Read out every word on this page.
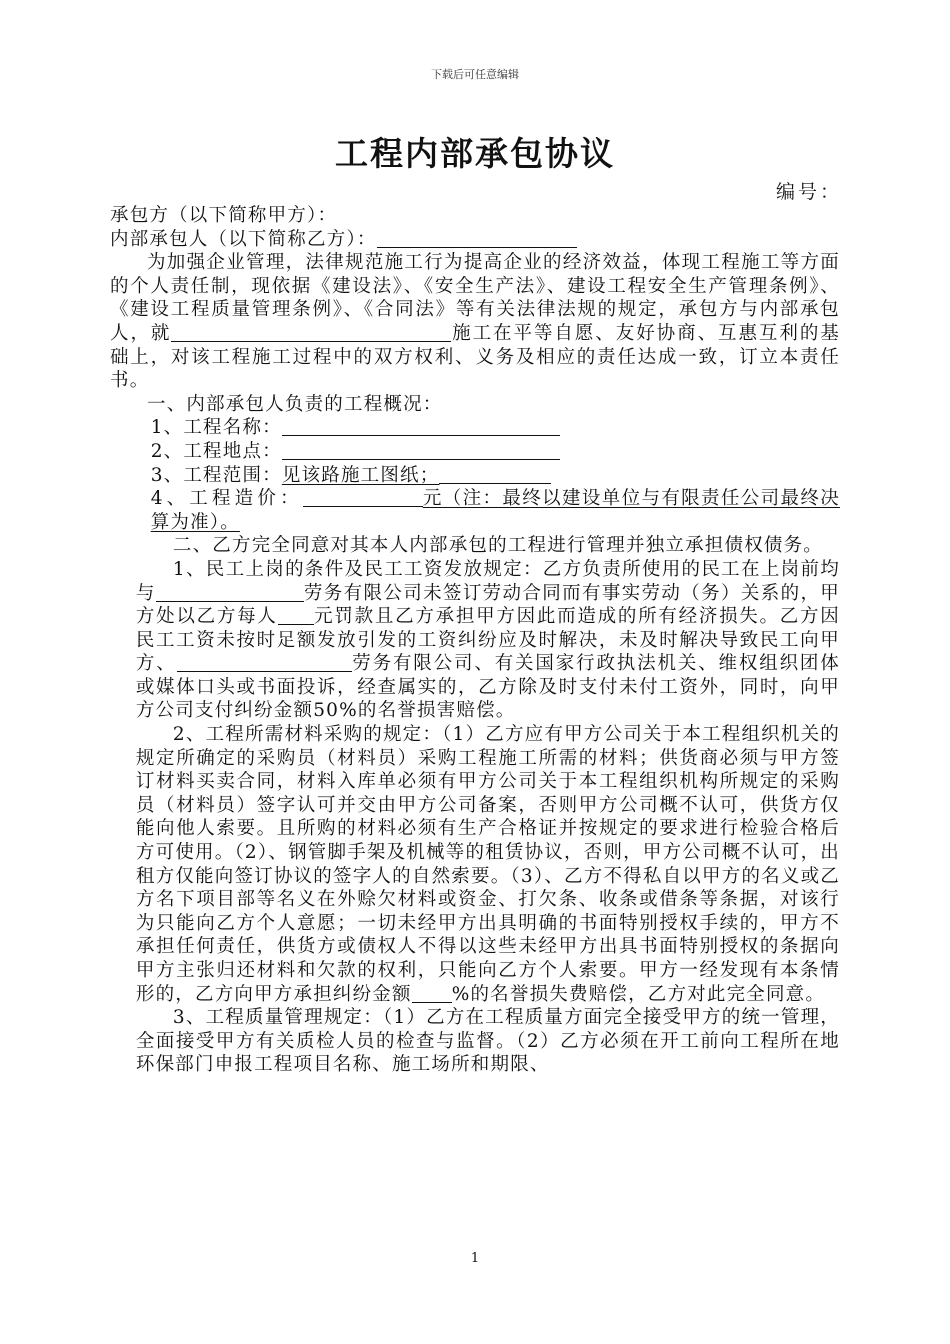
下载后可任意编辑
工程内部承包协议
编号：

承包方（以下简称甲方）：

内部承包人（以下简称乙方）：

为加强企业管理，法律规范施工行为提高企业的经济效益，体现工程施工等方面的个人责任制，现依据《建设法》、《安全生产法》、建设工程安全生产管理条例》、《建设工程质量管理条例》、《合同法》等有关法律法规的规定，承包方与内部承包人，就	施工在平等自愿、友好协商、互惠互利的基础上，对该工程施工过程中的双方权利、义务及相应的责任达成一致，订立本责任书。

一、内部承包人负责的工程概况：

1、工程名称：

2、工程地点：

3、工程范围：见该路施工图纸；

4、工程造价：	元（注：最终以建设单位与有限责任公司最终决算为准）。

二、乙方完全同意对其本人内部承包的工程进行管理并独立承担债权债务。

1、民工上岗的条件及民工工资发放规定：乙方负责所使用的民工在上岗前均与	劳务有限公司未签订劳动合同而有事实劳动（务）关系的，甲方处以乙方每人 元罚款且乙方承担甲方因此而造成的所有经济损失。乙方因民工工资未按时足额发放引发的工资纠纷应及时解决，未及时解决导致民工向甲方、	劳务有限公司、有关国家行政执法机关、维权组织团体或媒体口头或书面投诉，经查属实的，乙方除及时支付未付工资外，同时，向甲方公司支付纠纷金额50%的名誉损害赔偿。

2、工程所需材料采购的规定：（1）乙方应有甲方公司关于本工程组织机关的规定所确定的采购员（材料员）采购工程施工所需的材料；供货商必须与甲方签订材料买卖合同，材料入库单必须有甲方公司关于本工程组织机构所规定的采购员（材料员）签字认可并交由甲方公司备案，否则甲方公司概不认可，供货方仅能向他人索要。且所购的材料必须有生产合格证并按规定的要求进行检验合格后方可使用。（2）、钢管脚手架及机械等的租赁协议，否则，甲方公司概不认可，出租方仅能向签订协议的签字人的自然索要。（3）、乙方不得私自以甲方的名义或乙方名下项目部等名义在外赊欠材料或资金、打欠条、收条或借条等条据，对该行为只能向乙方个人意愿；一切未经甲方出具明确的书面特别授权手续的，甲方不承担任何责任，供货方或债权人不得以这些未经甲方出具书面特别授权的条据向甲方主张归还材料和欠款的权利，只能向乙方个人索要。甲方一经发现有本条情形的，乙方向甲方承担纠纷金额 %的名誉损失费赔偿，乙方对此完全同意。

3、工程质量管理规定：（1）乙方在工程质量方面完全接受甲方的统一管理，全面接受甲方有关质检人员的检查与监督。（2）乙方必须在开工前向工程所在地环保部门申报工程项目名称、施工场所和期限、

1
